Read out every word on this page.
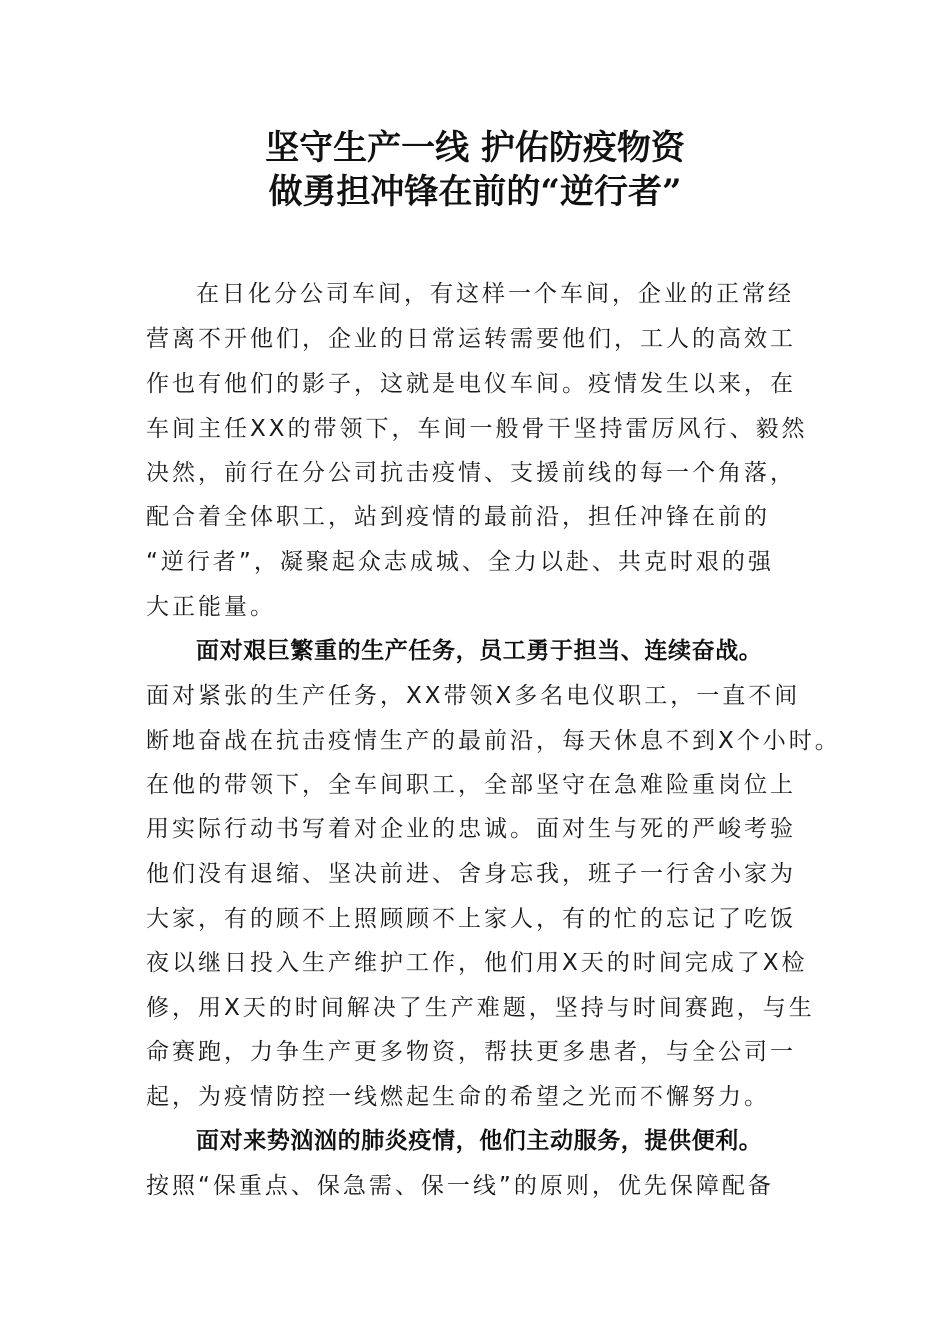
坚守生产一线 护佑防疫物资
做勇担冲锋在前的“逆行者”
在日化分公司车间，有这样一个车间，企业的正常经
营离不开他们，企业的日常运转需要他们，工人的高效工
作也有他们的影子，这就是电仪车间。疫情发生以来，在
车间主任XX的带领下，车间一般骨干坚持雷厉风行、毅然
决然，前行在分公司抗击疫情、支援前线的每一个角落，
配合着全体职工，站到疫情的最前沿，担任冲锋在前的
“逆行者”，凝聚起众志成城、全力以赴、共克时艰的强
大正能量。
面对艰巨繁重的生产任务，员工勇于担当、连续奋战。
面对紧张的生产任务，XX带领X多名电仪职工，一直不间
断地奋战在抗击疫情生产的最前沿，每天休息不到X个小时。
在他的带领下，全车间职工，全部坚守在急难险重岗位上
用实际行动书写着对企业的忠诚。面对生与死的严峻考验
他们没有退缩、坚决前进、舍身忘我，班子一行舍小家为
大家，有的顾不上照顾顾不上家人，有的忙的忘记了吃饭
夜以继日投入生产维护工作，他们用X天的时间完成了X检
修，用X天的时间解决了生产难题，坚持与时间赛跑，与生
命赛跑，力争生产更多物资，帮扶更多患者，与全公司一
起，为疫情防控一线燃起生命的希望之光而不懈努力。
面对来势汹汹的肺炎疫情，他们主动服务，提供便利。
按照“保重点、保急需、保一线”的原则，优先保障配备
